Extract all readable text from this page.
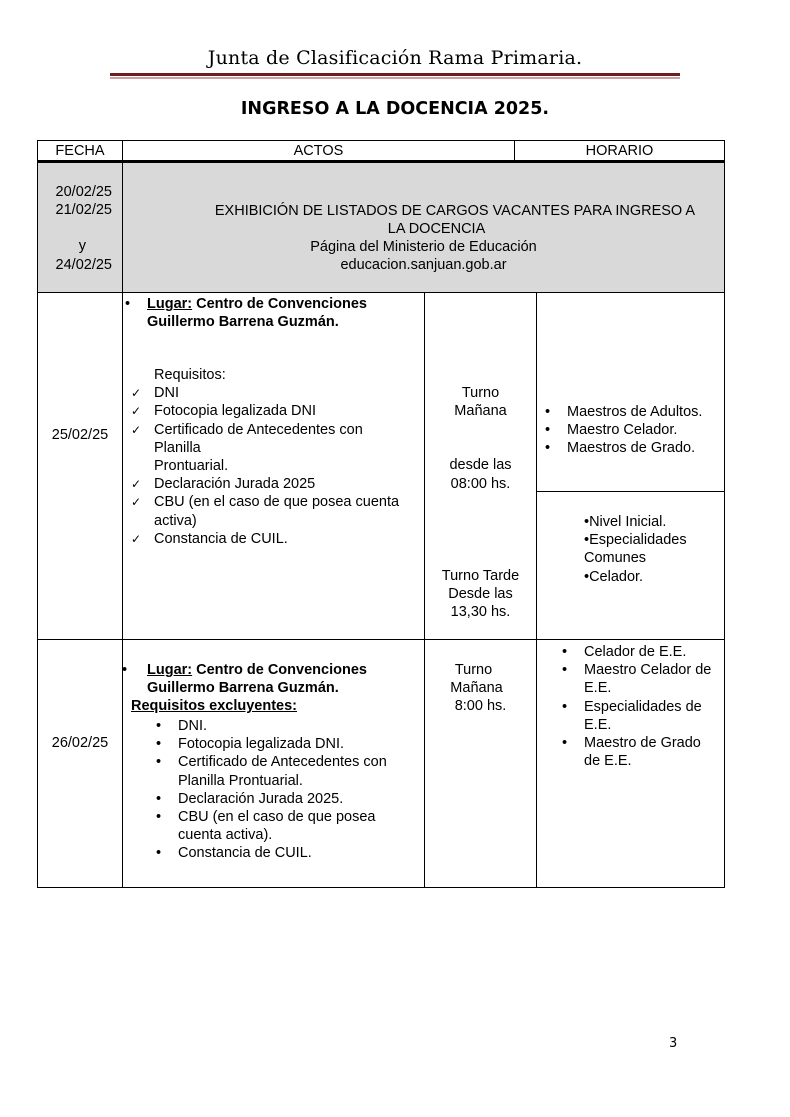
Junta de Clasificación Rama Primaria.
INGRESO A LA DOCENCIA 2025.
FECHA	ACTOS	HORARIO
20/02/25
21/02/25
y
24/02/25
EXHIBICIÓN DE LISTADOS DE CARGOS VACANTES PARA INGRESO A
LA DOCENCIA
Página del Ministerio de Educación
educacion.sanjuan.gob.ar
25/02/25
• Lugar: Centro de Convenciones
Guillermo Barrena Guzmán.
Requisitos:
✓ DNI
✓ Fotocopia legalizada DNI
✓ Certificado de Antecedentes con
Planilla
Prontuarial.
✓ Declaración Jurada 2025
✓ CBU (en el caso de que posea cuenta
activa)
✓ Constancia de CUIL.
Turno
Mañana
desde las
08:00 hs.
• Maestros de Adultos.
• Maestro Celador.
• Maestros de Grado.
Turno Tarde
Desde las
13,30 hs.
•Nivel Inicial.
•Especialidades
Comunes
•Celador.
26/02/25
• Lugar: Centro de Convenciones
Guillermo Barrena Guzmán.
Requisitos excluyentes:
• DNI.
• Fotocopia legalizada DNI.
• Certificado de Antecedentes con
Planilla Prontuarial.
• Declaración Jurada 2025.
• CBU (en el caso de que posea
cuenta activa).
• Constancia de CUIL.
Turno
Mañana
8:00 hs.
• Celador de E.E.
• Maestro Celador de
E.E.
• Especialidades de
E.E.
• Maestro de Grado
de E.E.
3
